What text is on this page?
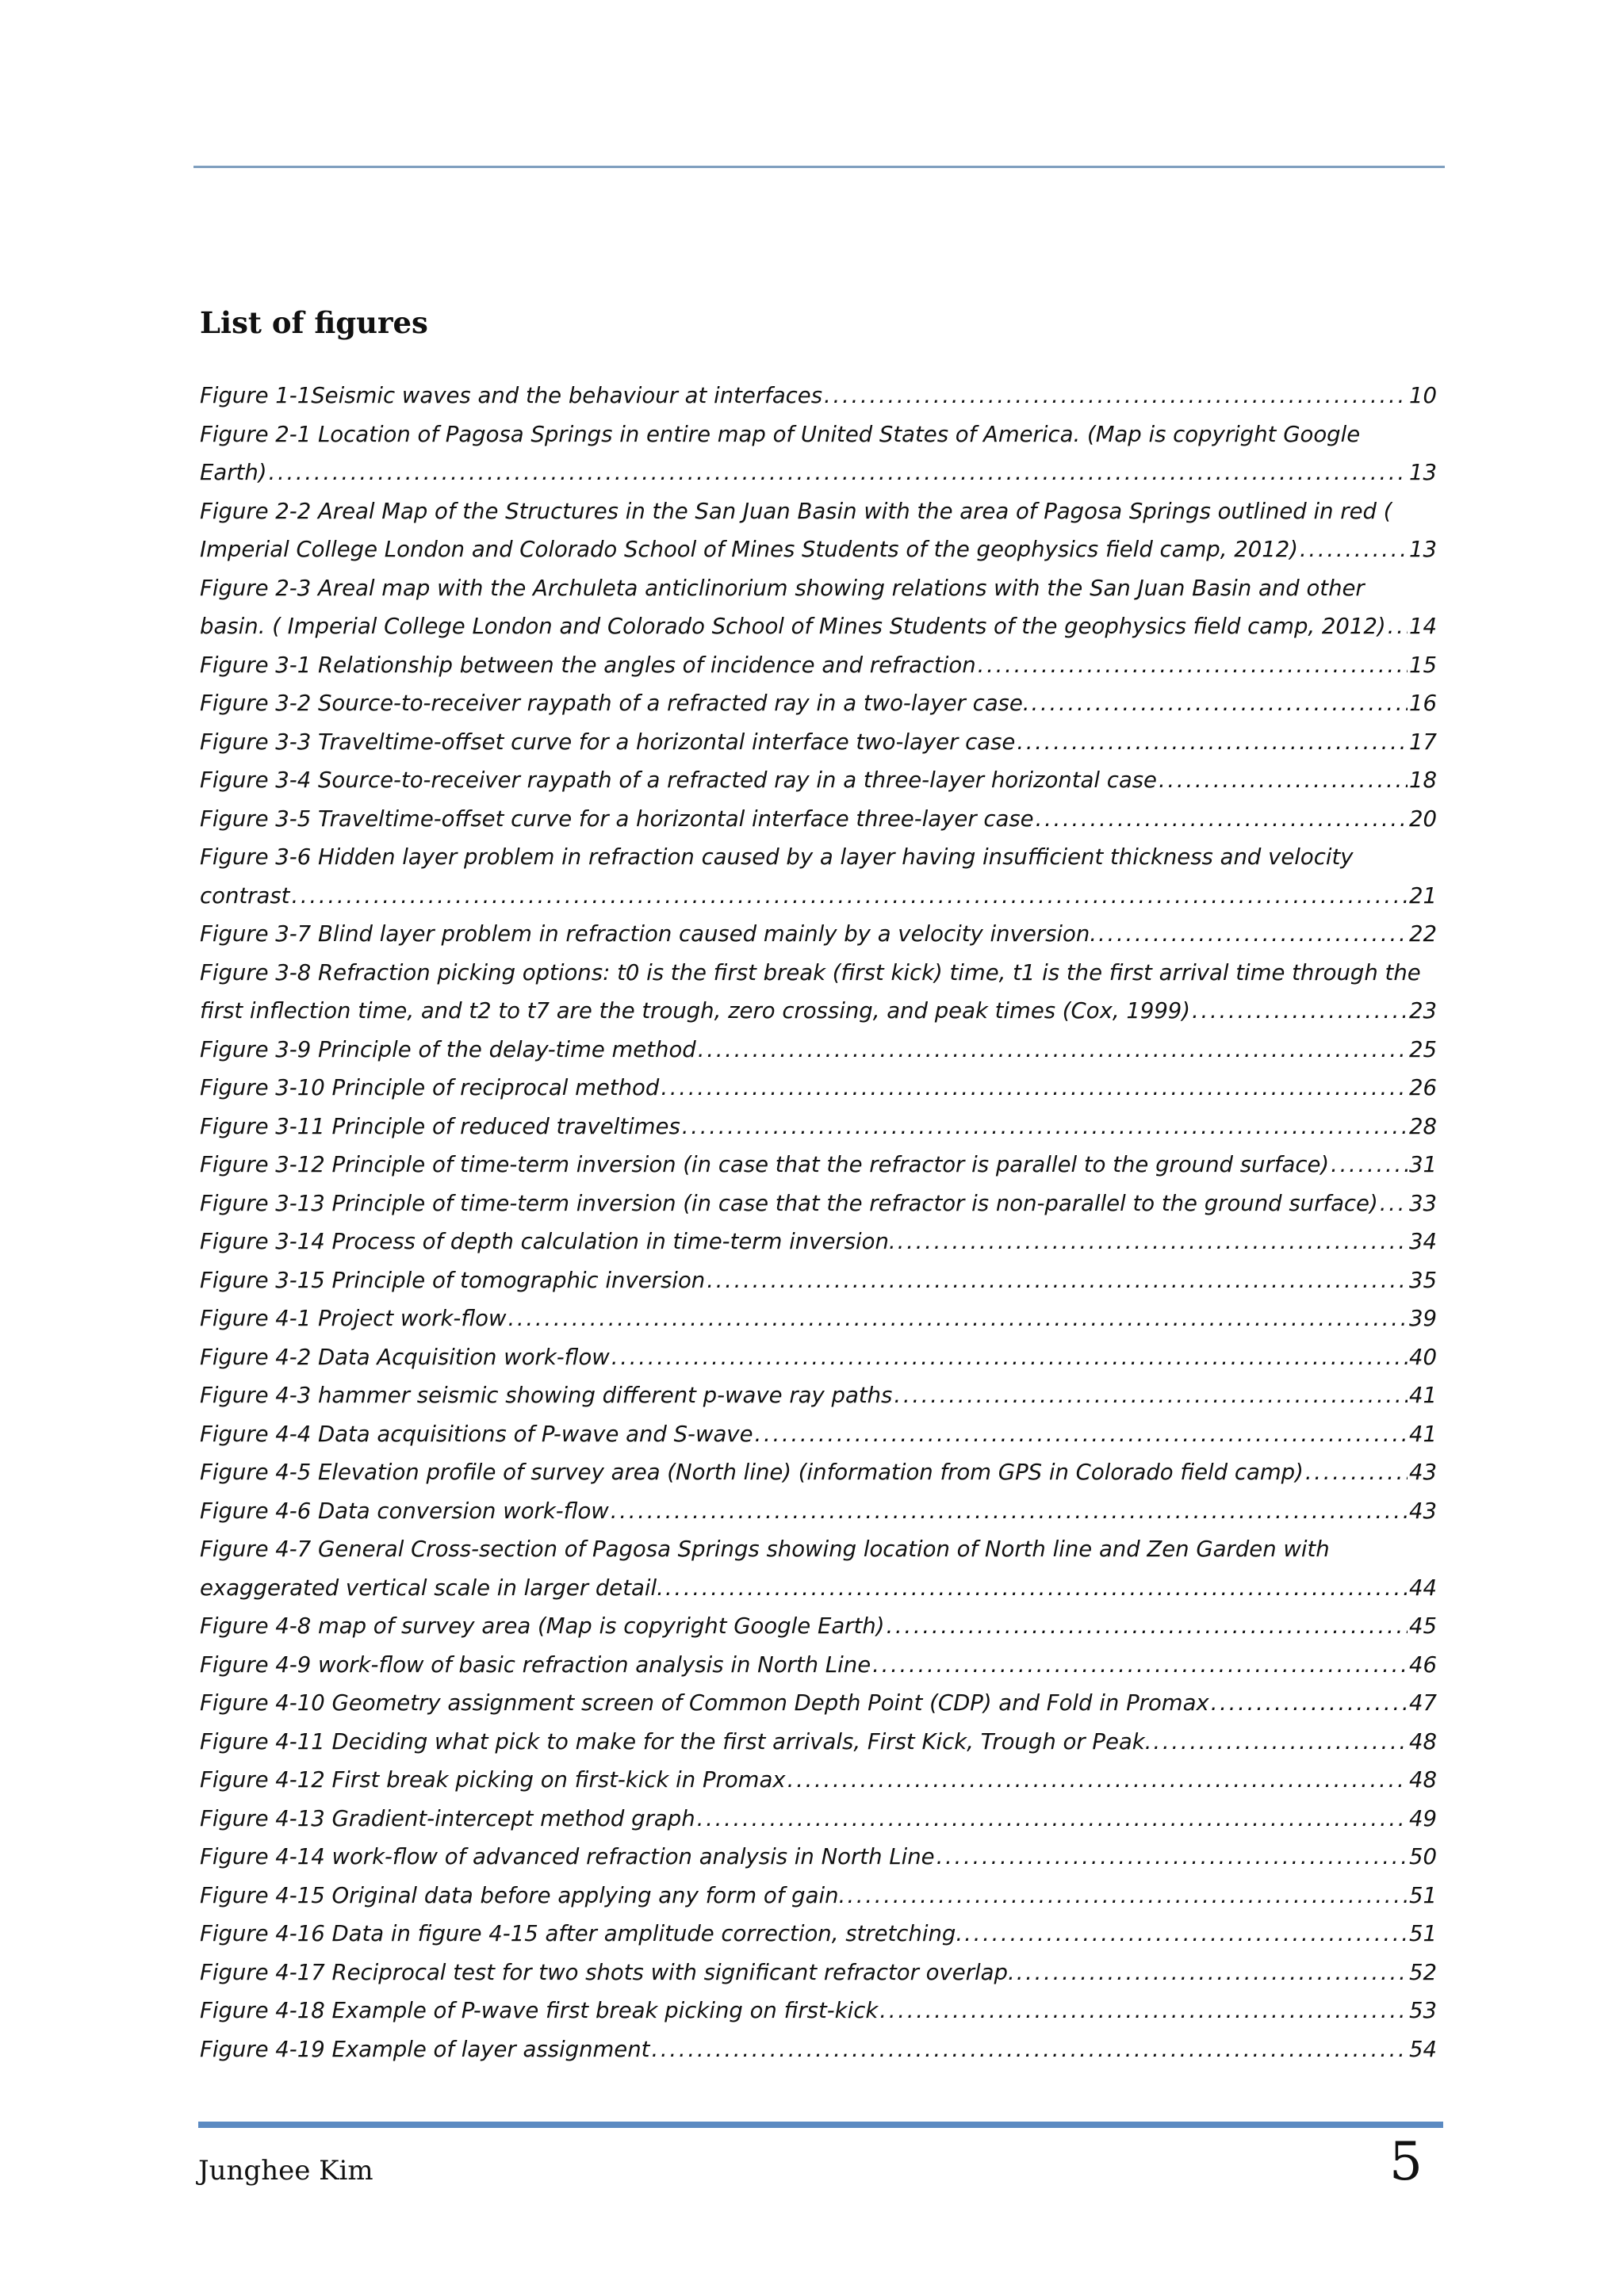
List of figures
Figure 1-1Seismic waves and the behaviour at interfaces . . .	10
Figure 2-1 Location of Pagosa Springs in entire map of United States of America. (Map is copyright Google
Earth) . . .	13
Figure 2-2 Areal Map of the Structures in the San Juan Basin with the area of Pagosa Springs outlined in red (
Imperial College London and Colorado School of Mines Students of the geophysics field camp, 2012) . . .	13
Figure 2-3 Areal map with the Archuleta anticlinorium showing relations with the San Juan Basin and other
basin. ( Imperial College London and Colorado School of Mines Students of the geophysics field camp, 2012) . . . 14
Figure 3-1 Relationship between the angles of incidence and refraction . . .	15
Figure 3-2 Source-to-receiver raypath of a refracted ray in a two-layer case. . . .	16
Figure 3-3 Traveltime-offset curve for a horizontal interface two-layer case . . .	17
Figure 3-4 Source-to-receiver raypath of a refracted ray in a three-layer horizontal case . . .	18
Figure 3-5 Traveltime-offset curve for a horizontal interface three-layer case . . .	20
Figure 3-6 Hidden layer problem in refraction caused by a layer having insufficient thickness and velocity
contrast . . .	21
Figure 3-7 Blind layer problem in refraction caused mainly by a velocity inversion. . . .	22
Figure 3-8 Refraction picking options: t0 is the first break (first kick) time, t1 is the first arrival time through the
first inflection time, and t2 to t7 are the trough, zero crossing, and peak times (Cox, 1999) . . .	23
Figure 3-9 Principle of the delay-time method . . .	25
Figure 3-10 Principle of reciprocal method . . .	26
Figure 3-11 Principle of reduced traveltimes . . .	28
Figure 3-12 Principle of time-term inversion (in case that the refractor is parallel to the ground surface) . . .	31
Figure 3-13 Principle of time-term inversion (in case that the refractor is non-parallel to the ground surface) . . . 33
Figure 3-14 Process of depth calculation in time-term inversion. . . .	34
Figure 3-15 Principle of tomographic inversion . . .	35
Figure 4-1 Project work-flow . . .	39
Figure 4-2 Data Acquisition work-flow . . .	40
Figure 4-3 hammer seismic showing different p-wave ray paths . . .	41
Figure 4-4 Data acquisitions of P-wave and S-wave . . .	41
Figure 4-5 Elevation profile of survey area (North line) (information from GPS in Colorado field camp) . . .	43
Figure 4-6 Data conversion work-flow . . .	43
Figure 4-7 General Cross-section of Pagosa Springs showing location of North line and Zen Garden with
exaggerated vertical scale in larger detail. . . .	44
Figure 4-8 map of survey area (Map is copyright Google Earth) . . .	45
Figure 4-9 work-flow of basic refraction analysis in North Line . . .	46
Figure 4-10 Geometry assignment screen of Common Depth Point (CDP) and Fold in Promax . . .	47
Figure 4-11 Deciding what pick to make for the first arrivals, First Kick, Trough or Peak. . . .	48
Figure 4-12 First break picking on first-kick in Promax . . .	48
Figure 4-13 Gradient-intercept method graph . . .	49
Figure 4-14 work-flow of advanced refraction analysis in North Line . . .	50
Figure 4-15 Original data before applying any form of gain. . . .	51
Figure 4-16 Data in figure 4-15 after amplitude correction, stretching. . . .	51
Figure 4-17 Reciprocal test for two shots with significant refractor overlap. . . .	52
Figure 4-18 Example of P-wave first break picking on first-kick . . .	53
Figure 4-19 Example of layer assignment . . .	54
Junghee Kim	5
